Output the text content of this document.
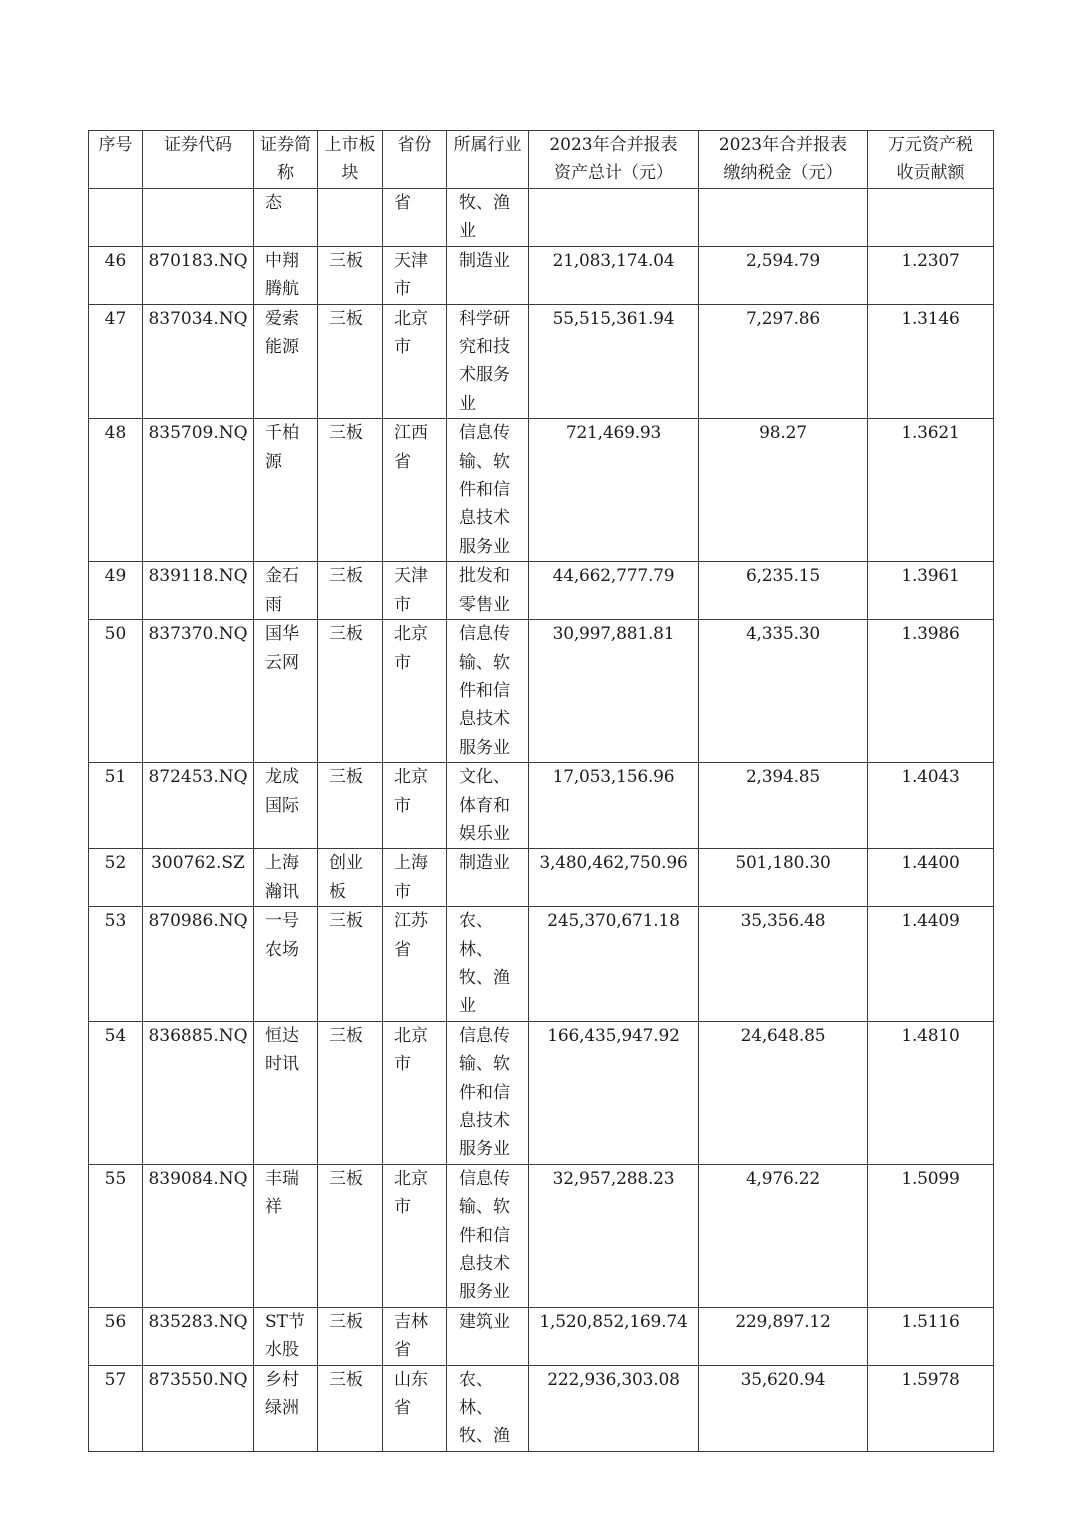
序号	证券代码	证券简称	上市板块	省份	所属行业	2023年合并报表资产总计（元）	2023年合并报表缴纳税金（元）	万元资产税收贡献额
		态		省	牧、渔业			
46	870183.NQ	中翔腾航	三板	天津市	制造业	21,083,174.04	2,594.79	1.2307
47	837034.NQ	爱索能源	三板	北京市	科学研究和技术服务业	55,515,361.94	7,297.86	1.3146
48	835709.NQ	千柏源	三板	江西省	信息传输、软件和信息技术服务业	721,469.93	98.27	1.3621
49	839118.NQ	金石雨	三板	天津市	批发和零售业	44,662,777.79	6,235.15	1.3961
50	837370.NQ	国华云网	三板	北京市	信息传输、软件和信息技术服务业	30,997,881.81	4,335.30	1.3986
51	872453.NQ	龙成国际	三板	北京市	文化、体育和娱乐业	17,053,156.96	2,394.85	1.4043
52	300762.SZ	上海瀚讯	创业板	上海市	制造业	3,480,462,750.96	501,180.30	1.4400
53	870986.NQ	一号农场	三板	江苏省	农、林、牧、渔业	245,370,671.18	35,356.48	1.4409
54	836885.NQ	恒达时讯	三板	北京市	信息传输、软件和信息技术服务业	166,435,947.92	24,648.85	1.4810
55	839084.NQ	丰瑞祥	三板	北京市	信息传输、软件和信息技术服务业	32,957,288.23	4,976.22	1.5099
56	835283.NQ	ST节水股	三板	吉林省	建筑业	1,520,852,169.74	229,897.12	1.5116
57	873550.NQ	乡村绿洲	三板	山东省	农、林、牧、渔	222,936,303.08	35,620.94	1.5978
